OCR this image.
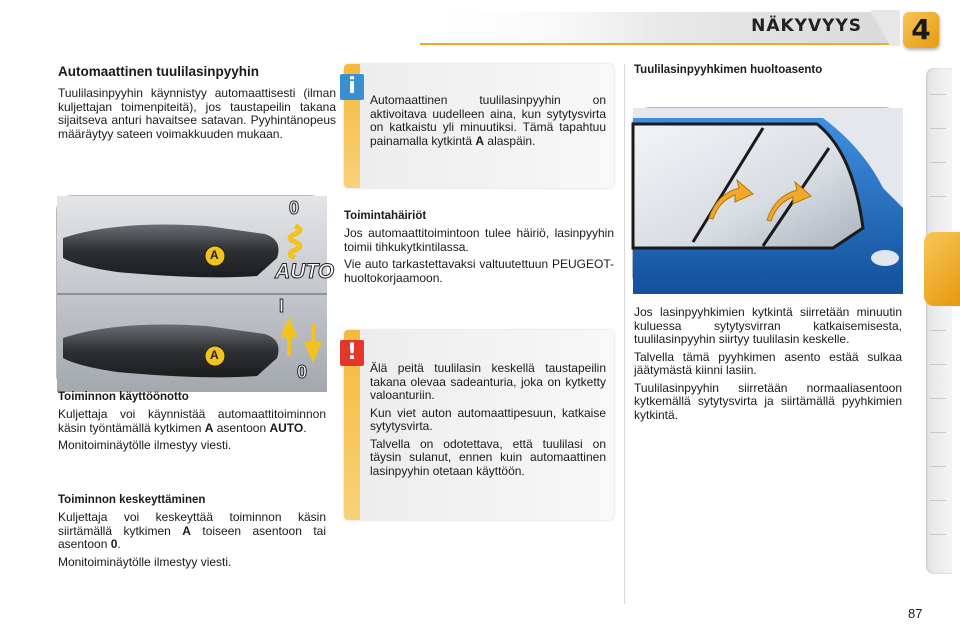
NÄKYVYYS 4
Automaattinen tuulilasinpyyhin

Tuulilasinpyyhin käynnistyy automaattisesti (ilman kuljettajan toimenpiteitä), jos taustapeilin takana sijaitseva anturi havaitsee satavan. Pyyhintänopeus määräytyy sateen voimakkuuden mukaan.

A
A
0
AUTO
I
0
Toiminnon käyttöönotto

Kuljettaja voi käynnistää automaattitoiminnon käsin työntämällä kytkimen A asentoon AUTO.

Monitoiminäytölle ilmestyy viesti.

Toiminnon keskeyttäminen

Kuljettaja voi keskeyttää toiminnon käsin siirtämällä kytkimen A toiseen asentoon tai asentoon 0.

Monitoiminäytölle ilmestyy viesti.

Automaattinen tuulilasinpyyhin on aktivoitava uudelleen aina, kun sytytysvirta on katkaistu yli minuutiksi. Tämä tapahtuu painamalla kytkintä A alaspäin.

i
Toimintahäiriöt

Jos automaattitoimintoon tulee häiriö, lasinpyyhin toimii tihkukytkintilassa.

Vie auto tarkastettavaksi valtuutettuun PEUGEOT-huoltokorjaamoon.

Älä peitä tuulilasin keskellä taustapeilin takana olevaa sadeanturia, joka on kytketty valoanturiin.

Kun viet auton automaattipesuun, katkaise sytytysvirta.

Talvella on odotettava, että tuulilasi on täysin sulanut, ennen kuin automaattinen lasinpyyhin otetaan käyttöön.

!
Tuulilasinpyyhkimen huoltoasento

Jos lasinpyyhkimien kytkintä siirretään minuutin kuluessa sytytysvirran katkaisemisesta, tuulilasinpyyhin siirtyy tuulilasin keskelle.

Talvella tämä pyyhkimen asento estää sulkaa jäätymästä kiinni lasiin.

Tuulilasinpyyhin siirretään normaaliasentoon kytkemällä sytytysvirta ja siirtämällä pyyhkimien kytkintä.

87
